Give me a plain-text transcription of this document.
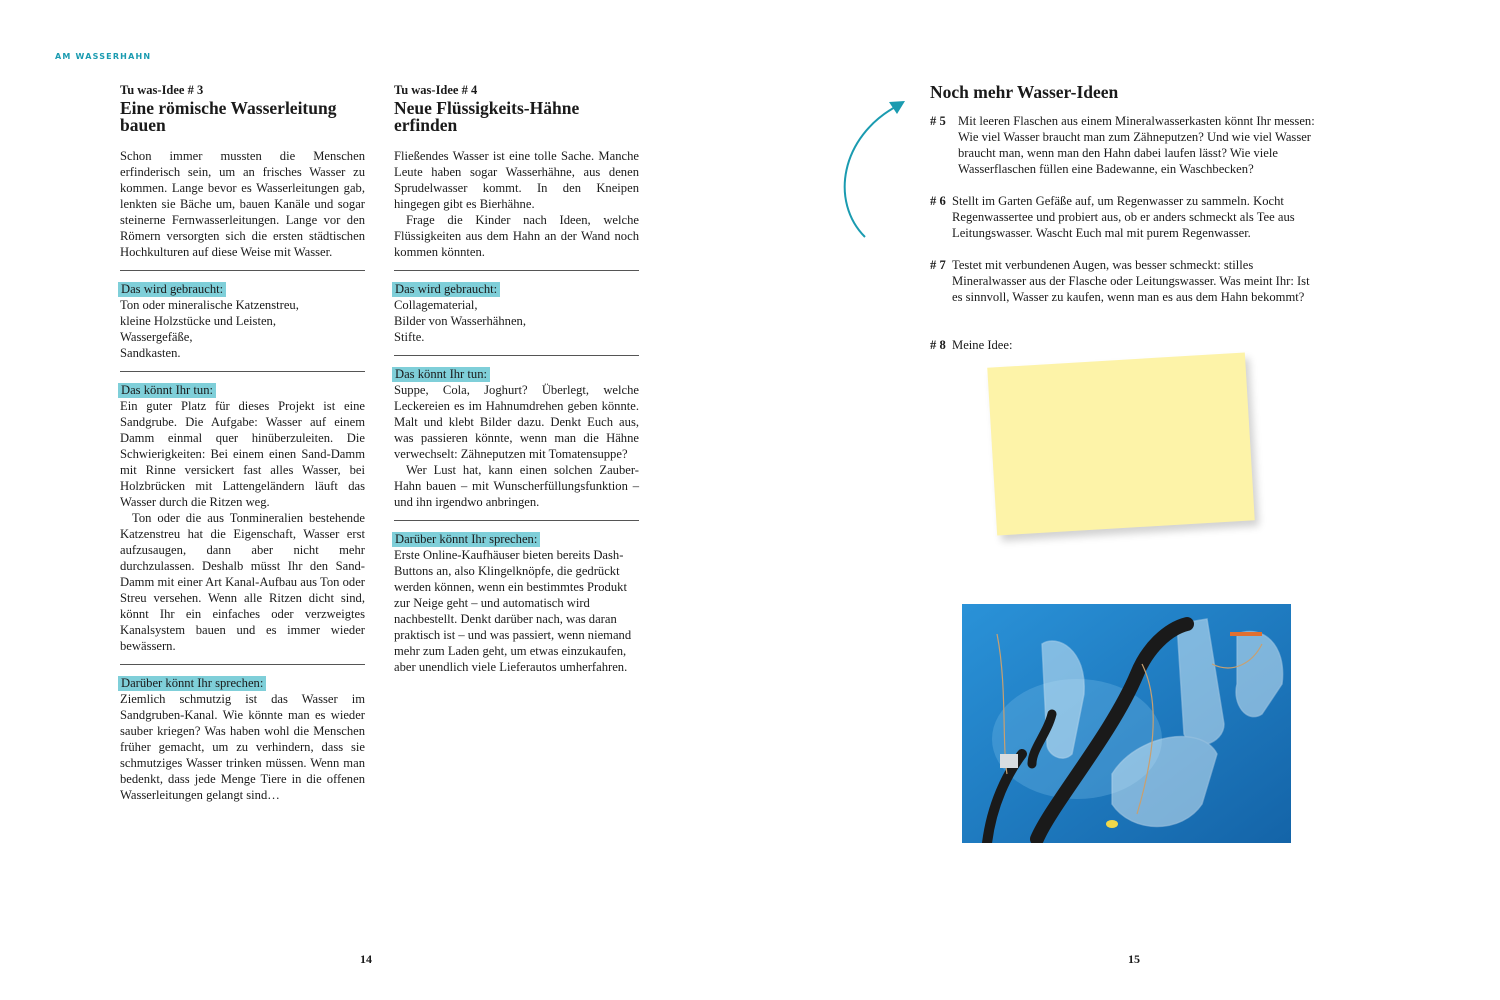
AM WASSERHAHN
Tu was-Idee # 3
Eine römische Wasserleitung
bauen

Schon immer mussten die Menschen erfinderisch sein, um an frisches Wasser zu kommen. Lange bevor es Wasserleitungen gab, lenkten sie Bäche um, bauen Kanäle und sogar steinerne Fernwasserleitungen. Lange vor den Römern versorgten sich die ersten städtischen Hochkulturen auf diese Weise mit Wasser.

Das wird gebraucht:
Ton oder mineralische Katzenstreu,
kleine Holzstücke und Leisten,
Wassergefäße,
Sandkasten.
Das könnt Ihr tun:

Ein guter Platz für dieses Projekt ist eine Sandgrube. Die Aufgabe: Wasser auf einem Damm einmal quer hinüberzuleiten. Die Schwierigkeiten: Bei einem einen Sand-Damm mit Rinne versickert fast alles Wasser, bei Holzbrücken mit Lattengeländern läuft das Wasser durch die Ritzen weg.

Ton oder die aus Tonmineralien bestehende Katzenstreu hat die Eigenschaft, Wasser erst aufzusaugen, dann aber nicht mehr durchzulassen. Deshalb müsst Ihr den Sand-Damm mit einer Art Kanal-Aufbau aus Ton oder Streu versehen. Wenn alle Ritzen dicht sind, könnt Ihr ein einfaches oder verzweigtes Kanalsystem bauen und es immer wieder bewässern.

Darüber könnt Ihr sprechen:

Ziemlich schmutzig ist das Wasser im Sandgruben-Kanal. Wie könnte man es wieder sauber kriegen? Was haben wohl die Menschen früher gemacht, um zu verhindern, dass sie schmutziges Wasser trinken müssen. Wenn man bedenkt, dass jede Menge Tiere in die offenen Wasserleitungen gelangt sind…

Tu was-Idee # 4
Neue Flüssigkeits-Hähne
erfinden

Fließendes Wasser ist eine tolle Sache. Manche Leute haben sogar Wasserhähne, aus denen Sprudelwasser kommt. In den Kneipen hingegen gibt es Bierhähne.

Frage die Kinder nach Ideen, welche Flüssigkeiten aus dem Hahn an der Wand noch kommen könnten.

Das wird gebraucht:
Collagematerial,
Bilder von Wasserhähnen,
Stifte.
Das könnt Ihr tun:

Suppe, Cola, Joghurt? Überlegt, welche Leckereien es im Hahnumdrehen geben könnte. Malt und klebt Bilder dazu. Denkt Euch aus, was passieren könnte, wenn man die Hähne verwechselt: Zähneputzen mit Tomatensuppe?

Wer Lust hat, kann einen solchen Zauber-Hahn bauen – mit Wunscherfüllungsfunktion – und ihn irgendwo anbringen.

Darüber könnt Ihr sprechen:

Erste Online-Kaufhäuser bieten bereits Dash-Buttons an, also Klingelknöpfe, die gedrückt werden können, wenn ein bestimmtes Produkt zur Neige geht – und automatisch wird nachbestellt. Denkt darüber nach, was daran praktisch ist – und was passiert, wenn niemand mehr zum Laden geht, um etwas einzukaufen, aber unendlich viele Lieferautos umherfahren.

14
Noch mehr Wasser-Ideen
# 5 Mit leeren Flaschen aus einem Mineralwasserkasten könnt Ihr messen: Wie viel Wasser braucht man zum Zähneputzen? Und wie viel Wasser braucht man, wenn man den Hahn dabei laufen lässt? Wie viele Wasserflaschen füllen eine Badewanne, ein Waschbecken?
# 6 Stellt im Garten Gefäße auf, um Regenwasser zu sammeln. Kocht Regenwassertee und probiert aus, ob er anders schmeckt als Tee aus Leitungswasser. Wascht Euch mal mit purem Regenwasser.
# 7 Testet mit verbundenen Augen, was besser schmeckt: stilles Mineralwasser aus der Flasche oder Leitungswasser. Was meint Ihr: Ist es sinnvoll, Wasser zu kaufen, wenn man es aus dem Hahn bekommt?
# 8 Meine Idee:
15
